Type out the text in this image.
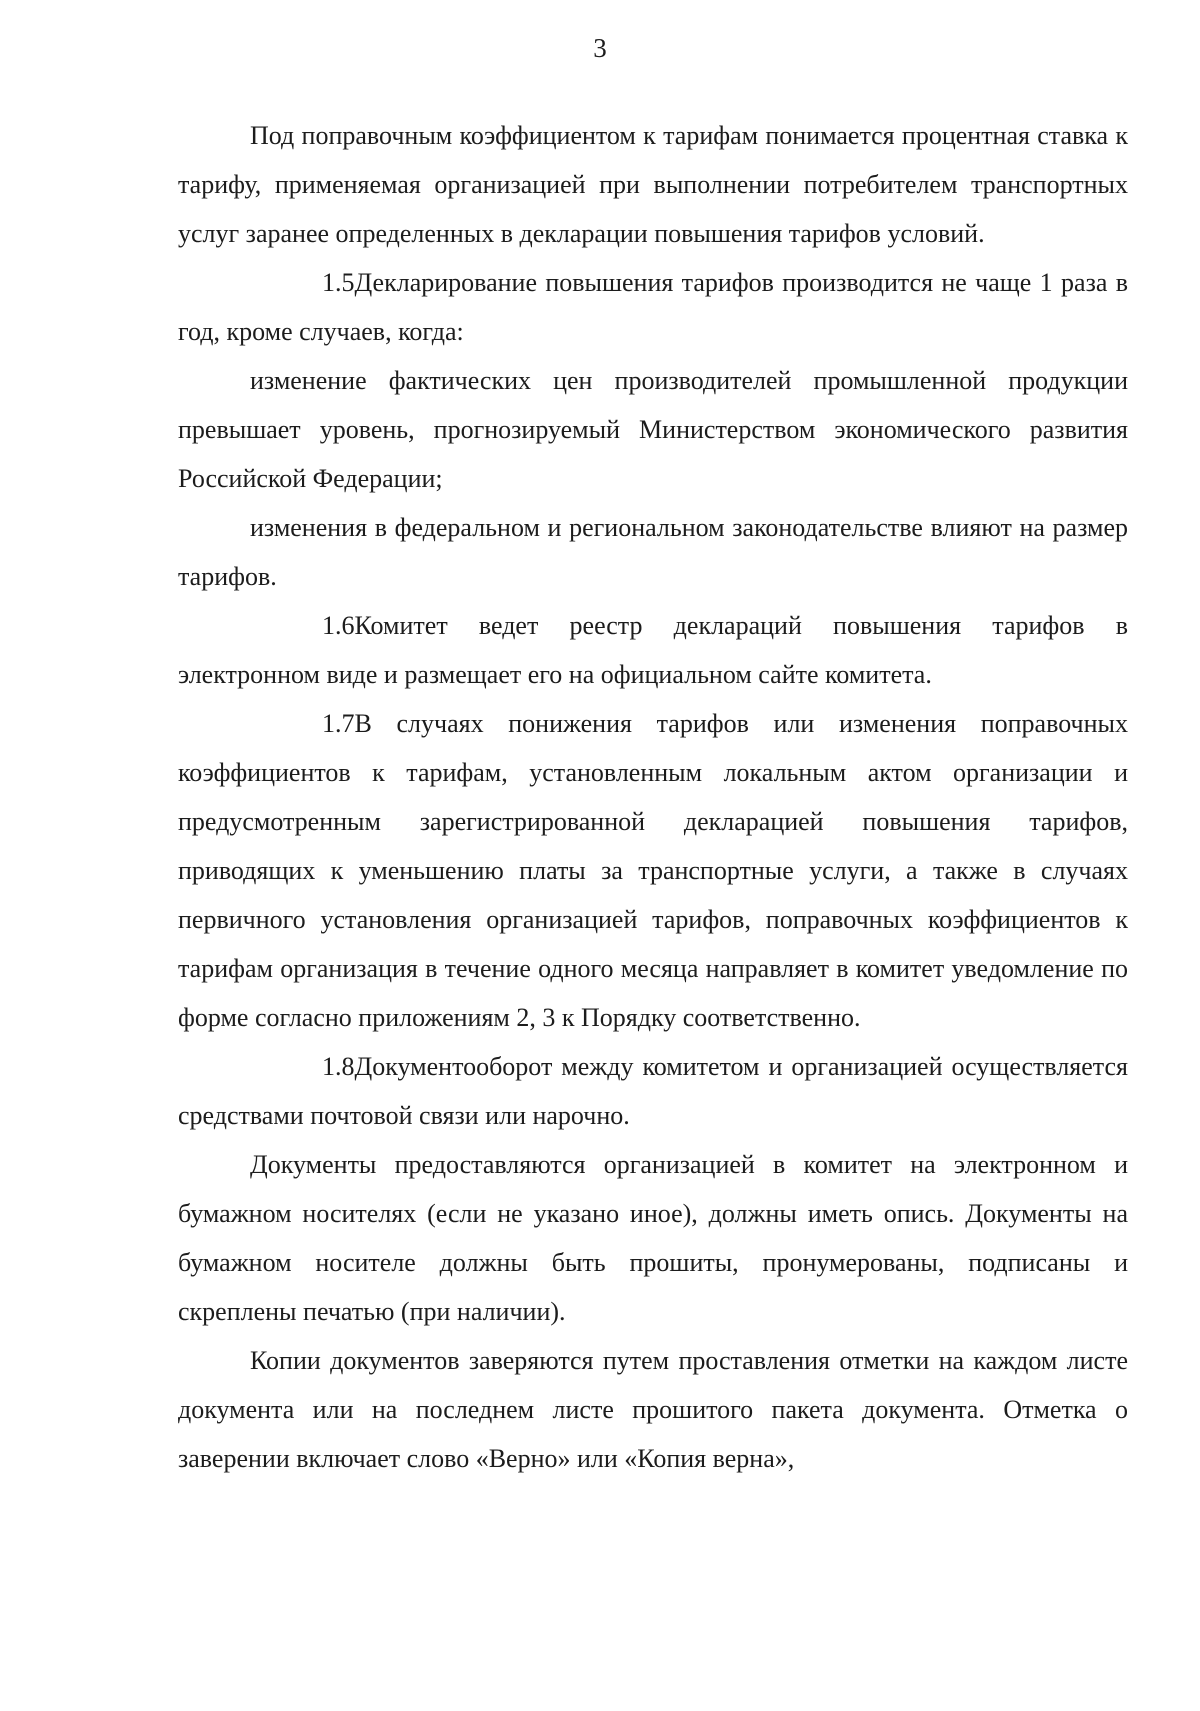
3

Под поправочным коэффициентом к тарифам понимается процентная ставка к тарифу, применяемая организацией при выполнении потребителем транспортных услуг заранее определенных в декларации повышения тарифов условий.

1.5Декларирование повышения тарифов производится не чаще 1 раза в год, кроме случаев, когда:

изменение фактических цен производителей промышленной продукции превышает уровень, прогнозируемый Министерством экономического развития Российской Федерации;

изменения в федеральном и региональном законодательстве влияют на размер тарифов.

1.6Комитет ведет реестр деклараций повышения тарифов в электронном виде и размещает его на официальном сайте комитета.

1.7В случаях понижения тарифов или изменения поправочных коэффициентов к тарифам, установленным локальным актом организации и предусмотренным зарегистрированной декларацией повышения тарифов, приводящих к уменьшению платы за транспортные услуги, а также в случаях первичного установления организацией тарифов, поправочных коэффициентов к тарифам организация в течение одного месяца направляет в комитет уведомление по форме согласно приложениям 2, 3 к Порядку соответственно.

1.8Документооборот между комитетом и организацией осуществляется средствами почтовой связи или нарочно.

Документы предоставляются организацией в комитет на электронном и бумажном носителях (если не указано иное), должны иметь опись. Документы на бумажном носителе должны быть прошиты, пронумерованы, подписаны и скреплены печатью (при наличии).

Копии документов заверяются путем проставления отметки на каждом листе документа или на последнем листе прошитого пакета документа. Отметка о заверении включает слово «Верно» или «Копия верна»,
